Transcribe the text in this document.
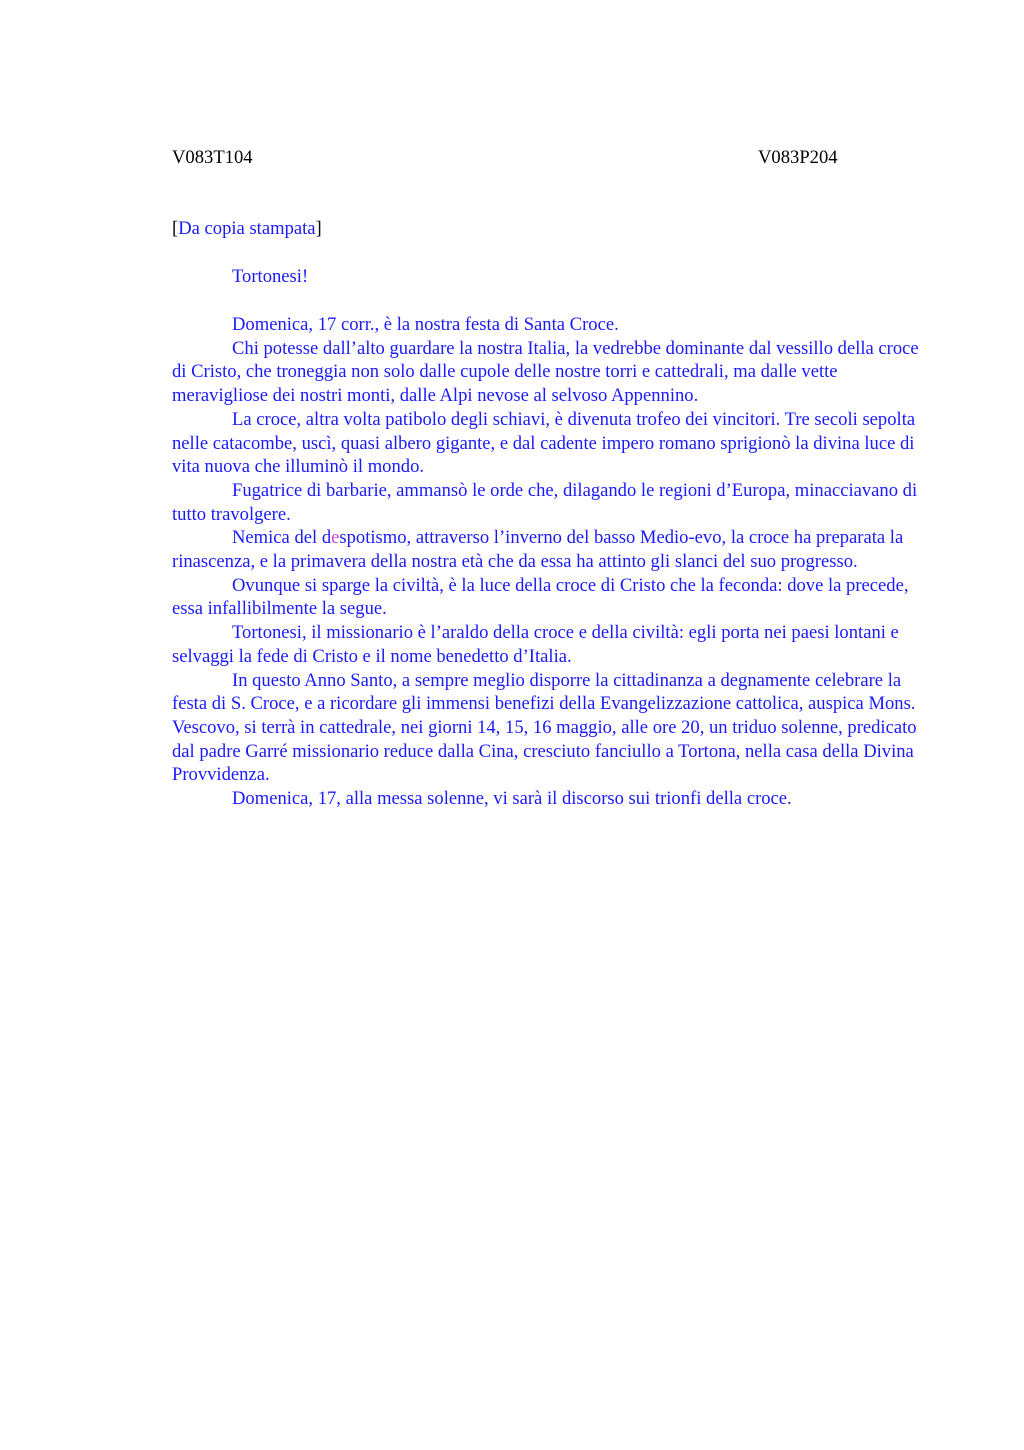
V083T104	V083P204
[Da copia stampata]
Tortonesi!

Domenica, 17 corr., è la nostra festa di Santa Croce.

Chi potesse dall’alto guardare la nostra Italia, la vedrebbe dominante dal vessillo della croce di Cristo, che troneggia non solo dalle cupole delle nostre torri e cattedrali, ma dalle vette meravigliose dei nostri monti, dalle Alpi nevose al selvoso Appennino.

La croce, altra volta patibolo degli schiavi, è divenuta trofeo dei vincitori. Tre secoli sepolta nelle catacombe, uscì, quasi albero gigante, e dal cadente impero romano sprigionò la divina luce di vita nuova che illuminò il mondo.

Fugatrice di barbarie, ammansò le orde che, dilagando le regioni d’Europa, minacciavano di tutto travolgere.

Nemica del despotismo, attraverso l’inverno del basso Medio-evo, la croce ha preparata la rinascenza, e la primavera della nostra età che da essa ha attinto gli slanci del suo progresso.

Ovunque si sparge la civiltà, è la luce della croce di Cristo che la feconda: dove la precede, essa infallibilmente la segue.

Tortonesi, il missionario è l’araldo della croce e della civiltà: egli porta nei paesi lontani e selvaggi la fede di Cristo e il nome benedetto d’Italia.

In questo Anno Santo, a sempre meglio disporre la cittadinanza a degnamente celebrare la festa di S. Croce, e a ricordare gli immensi benefizi della Evangelizzazione cattolica, auspica Mons. Vescovo, si terrà in cattedrale, nei giorni 14, 15, 16 maggio, alle ore 20, un triduo solenne, predicato dal padre Garré missionario reduce dalla Cina, cresciuto fanciullo a Tortona, nella casa della Divina Provvidenza.

Domenica, 17, alla messa solenne, vi sarà il discorso sui trionfi della croce.
